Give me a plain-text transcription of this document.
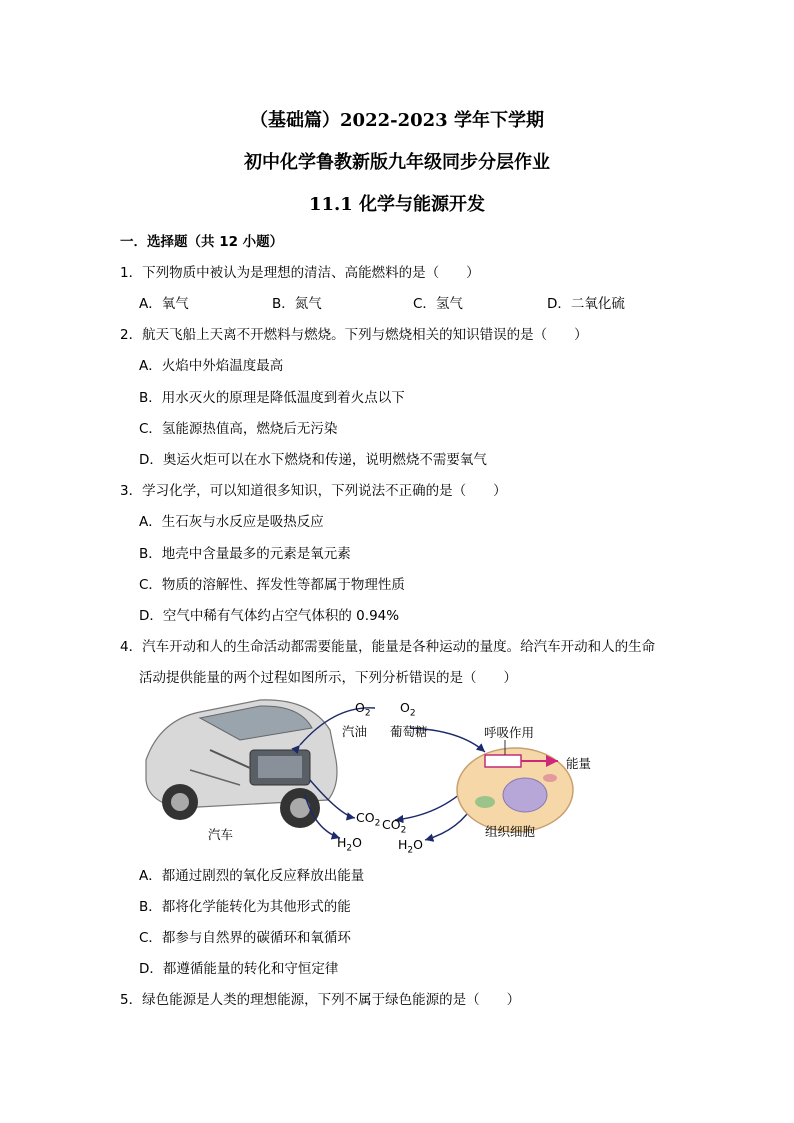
（基础篇）2022-2023 学年下学期
初中化学鲁教新版九年级同步分层作业
11.1 化学与能源开发
一．选择题（共 12 小题）
1．下列物质中被认为是理想的清洁、高能燃料的是（　　）
A．氧气	B．氮气	C．氢气	D．二氧化硫
2．航天飞船上天离不开燃料与燃烧。下列与燃烧相关的知识错误的是（　　）
A．火焰中外焰温度最高
B．用水灭火的原理是降低温度到着火点以下
C．氢能源热值高，燃烧后无污染
D．奥运火炬可以在水下燃烧和传递，说明燃烧不需要氧气
3．学习化学，可以知道很多知识，下列说法不正确的是（　　）
A．生石灰与水反应是吸热反应
B．地壳中含量最多的元素是氧元素
C．物质的溶解性、挥发性等都属于物理性质
D．空气中稀有气体约占空气体积的 0.94%
4．汽车开动和人的生命活动都需要能量，能量是各种运动的量度。给汽车开动和人的生命
活动提供能量的两个过程如图所示，下列分析错误的是（　　）
$O_2$
汽油
$O_2$
葡萄糖	呼吸作用
能量
$CO_2$ $CO_2$
$H_2O$	$H_2O$
汽车	组织细胞
A．都通过剧烈的氧化反应释放出能量
B．都将化学能转化为其他形式的能
C．都参与自然界的碳循环和氧循环
D．都遵循能量的转化和守恒定律
5．绿色能源是人类的理想能源，下列不属于绿色能源的是（　　）
